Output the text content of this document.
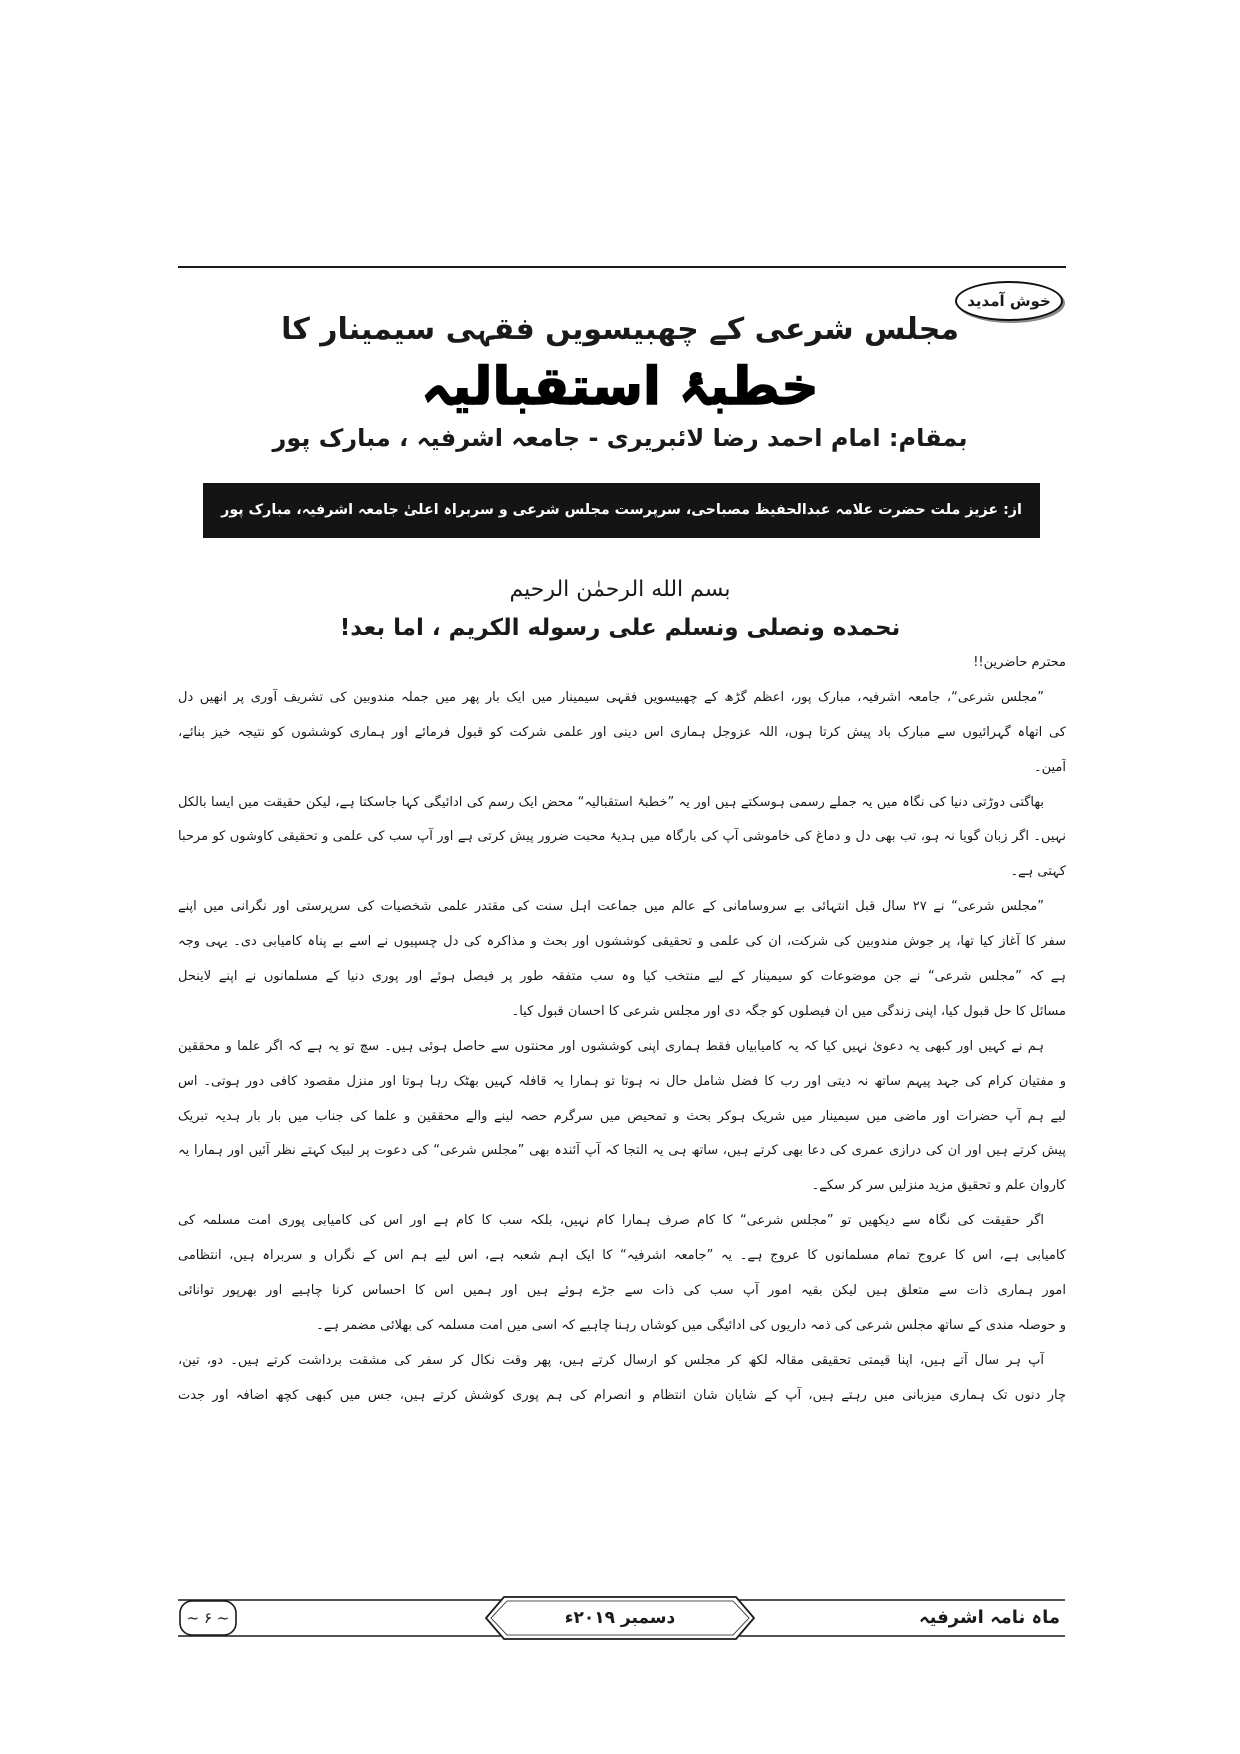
خوش آمدید
مجلس شرعی کے چھبیسویں فقہی سیمینار کا
خطبۂ استقبالیہ
بمقام: امام احمد رضا لائبریری - جامعہ اشرفیہ ، مبارک پور
از: عزیز ملت حضرت علامہ عبدالحفیظ مصباحی، سرپرست مجلس شرعی و سربراہ اعلیٰ جامعہ اشرفیہ، مبارک پور
بسم الله الرحمٰن الرحیم
نحمده ونصلی ونسلم علی رسوله الکریم ، اما بعد!
محترم حاضرین!!
”مجلس شرعی“، جامعہ اشرفیہ، مبارک پور، اعظم گڑھ کے چھبیسویں فقہی سیمینار میں ایک بار پھر میں جملہ مندوبین کی تشریف آوری پر انھیں دل
کی اتھاہ گہرائیوں سے مبارک باد پیش کرتا ہوں، اللہ عزوجل ہماری اس دینی اور علمی شرکت کو قبول فرمائے اور ہماری کوششوں کو نتیجہ خیز بنائے،
آمین۔
بھاگتی دوڑتی دنیا کی نگاہ میں یہ جملے رسمی ہوسکتے ہیں اور یہ ”خطبۂ استقبالیہ“ محض ایک رسم کی ادائیگی کہا جاسکتا ہے، لیکن حقیقت میں ایسا بالکل
نہیں۔ اگر زبان گویا نہ ہو، تب بھی دل و دماغ کی خاموشی آپ کی بارگاہ میں ہدیۂ محبت ضرور پیش کرتی ہے اور آپ سب کی علمی و تحقیقی کاوشوں کو مرحبا
کہتی ہے۔
”مجلس شرعی“ نے ۲۷ سال قبل انتہائی بے سروسامانی کے عالم میں جماعت اہل سنت کی مقتدر علمی شخصیات کی سرپرستی اور نگرانی میں اپنے
سفر کا آغاز کیا تھا، پر جوش مندوبین کی شرکت، ان کی علمی و تحقیقی کوششوں اور بحث و مذاکرہ کی دل چسپیوں نے اسے بے پناہ کامیابی دی۔ یہی وجہ
ہے کہ ”مجلس شرعی“ نے جن موضوعات کو سیمینار کے لیے منتخب کیا وہ سب متفقہ طور پر فیصل ہوئے اور پوری دنیا کے مسلمانوں نے اپنے لاینحل
مسائل کا حل قبول کیا، اپنی زندگی میں ان فیصلوں کو جگہ دی اور مجلس شرعی کا احسان قبول کیا۔
ہم نے کہیں اور کبھی یہ دعویٰ نہیں کیا کہ یہ کامیابیاں فقط ہماری اپنی کوششوں اور محنتوں سے حاصل ہوئی ہیں۔ سچ تو یہ ہے کہ اگر علما و محققین
و مفتیان کرام کی جہد پیہم ساتھ نہ دیتی اور رب کا فضل شامل حال نہ ہوتا تو ہمارا یہ قافلہ کہیں بھٹک رہا ہوتا اور منزل مقصود کافی دور ہوتی۔ اس
لیے ہم آپ حضرات اور ماضی میں سیمینار میں شریک ہوکر بحث و تمحیص میں سرگرم حصہ لینے والے محققین و علما کی جناب میں بار بار ہدیہ تبریک
پیش کرتے ہیں اور ان کی درازی عمری کی دعا بھی کرتے ہیں، ساتھ ہی یہ التجا کہ آپ آئندہ بھی ”مجلس شرعی“ کی دعوت پر لبیک کہتے نظر آئیں اور ہمارا یہ
کاروان علم و تحقیق مزید منزلیں سر کر سکے۔
اگر حقیقت کی نگاہ سے دیکھیں تو ”مجلس شرعی“ کا کام صرف ہمارا کام نہیں، بلکہ سب کا کام ہے اور اس کی کامیابی پوری امت مسلمہ کی
کامیابی ہے، اس کا عروج تمام مسلمانوں کا عروج ہے۔ یہ ”جامعہ اشرفیہ“ کا ایک اہم شعبہ ہے، اس لیے ہم اس کے نگراں و سربراہ ہیں، انتظامی
امور ہماری ذات سے متعلق ہیں لیکن بقیہ امور آپ سب کی ذات سے جڑے ہوئے ہیں اور ہمیں اس کا احساس کرنا چاہیے اور بھرپور توانائی
و حوصلہ مندی کے ساتھ مجلس شرعی کی ذمہ داریوں کی ادائیگی میں کوشاں رہنا چاہیے کہ اسی میں امت مسلمہ کی بھلائی مضمر ہے۔
آپ ہر سال آتے ہیں، اپنا قیمتی تحقیقی مقالہ لکھ کر مجلس کو ارسال کرتے ہیں، پھر وقت نکال کر سفر کی مشقت برداشت کرتے ہیں۔ دو، تین،
چار دنوں تک ہماری میزبانی میں رہتے ہیں، آپ کے شایان شان انتظام و انصرام کی ہم پوری کوشش کرتے ہیں، جس میں کبھی کچھ اضافہ اور جدت
ماہ نامہ اشرفیہ
دسمبر ۲۰۱۹ء
~ ۶ ~
